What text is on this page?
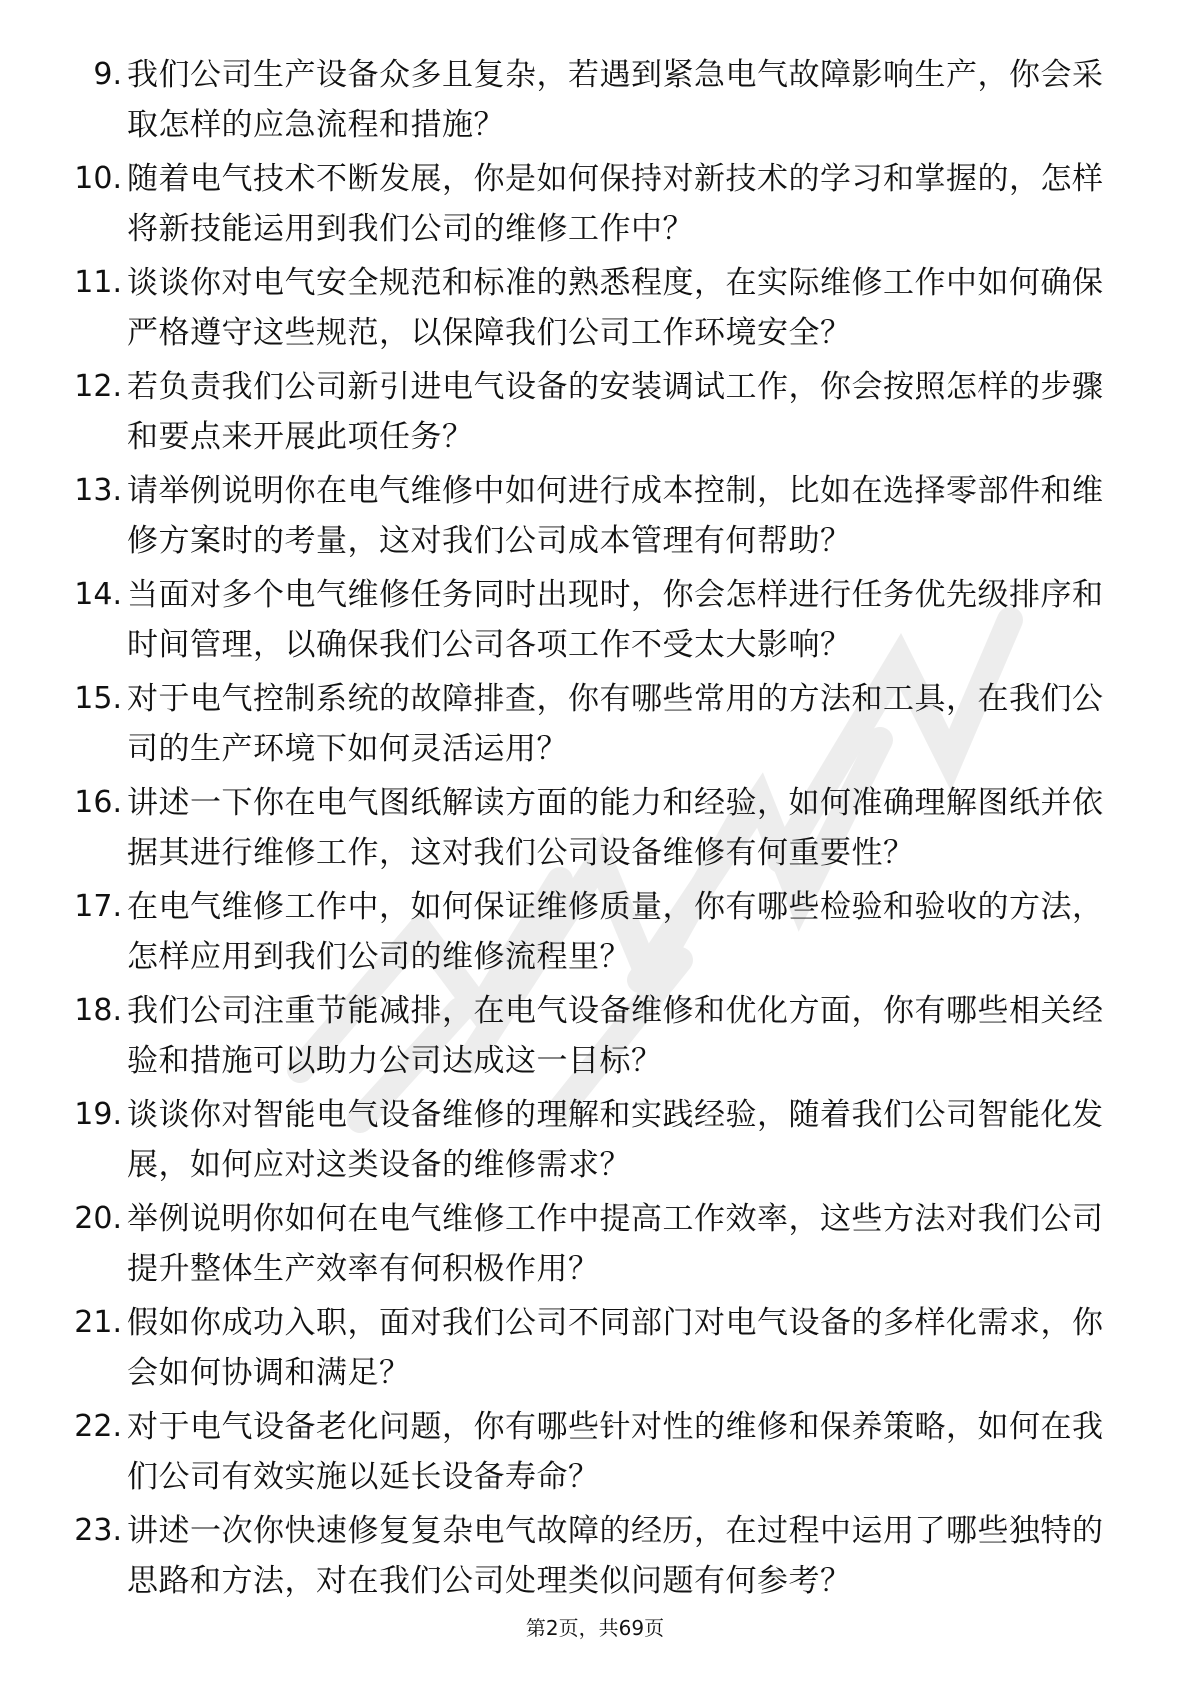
9. 我们公司生产设备众多且复杂，若遇到紧急电气故障影响生产，你会采取怎样的应急流程和措施？
10. 随着电气技术不断发展，你是如何保持对新技术的学习和掌握的，怎样将新技能运用到我们公司的维修工作中？
11. 谈谈你对电气安全规范和标准的熟悉程度，在实际维修工作中如何确保严格遵守这些规范，以保障我们公司工作环境安全？
12. 若负责我们公司新引进电气设备的安装调试工作，你会按照怎样的步骤和要点来开展此项任务？
13. 请举例说明你在电气维修中如何进行成本控制，比如在选择零部件和维修方案时的考量，这对我们公司成本管理有何帮助？
14. 当面对多个电气维修任务同时出现时，你会怎样进行任务优先级排序和时间管理，以确保我们公司各项工作不受太大影响？
15. 对于电气控制系统的故障排查，你有哪些常用的方法和工具，在我们公司的生产环境下如何灵活运用？
16. 讲述一下你在电气图纸解读方面的能力和经验，如何准确理解图纸并依据其进行维修工作，这对我们公司设备维修有何重要性？
17. 在电气维修工作中，如何保证维修质量，你有哪些检验和验收的方法，怎样应用到我们公司的维修流程里？
18. 我们公司注重节能减排，在电气设备维修和优化方面，你有哪些相关经验和措施可以助力公司达成这一目标？
19. 谈谈你对智能电气设备维修的理解和实践经验，随着我们公司智能化发展，如何应对这类设备的维修需求？
20. 举例说明你如何在电气维修工作中提高工作效率，这些方法对我们公司提升整体生产效率有何积极作用？
21. 假如你成功入职，面对我们公司不同部门对电气设备的多样化需求，你会如何协调和满足？
22. 对于电气设备老化问题，你有哪些针对性的维修和保养策略，如何在我们公司有效实施以延长设备寿命？
23. 讲述一次你快速修复复杂电气故障的经历，在过程中运用了哪些独特的思路和方法，对在我们公司处理类似问题有何参考？
第2页，共69页
